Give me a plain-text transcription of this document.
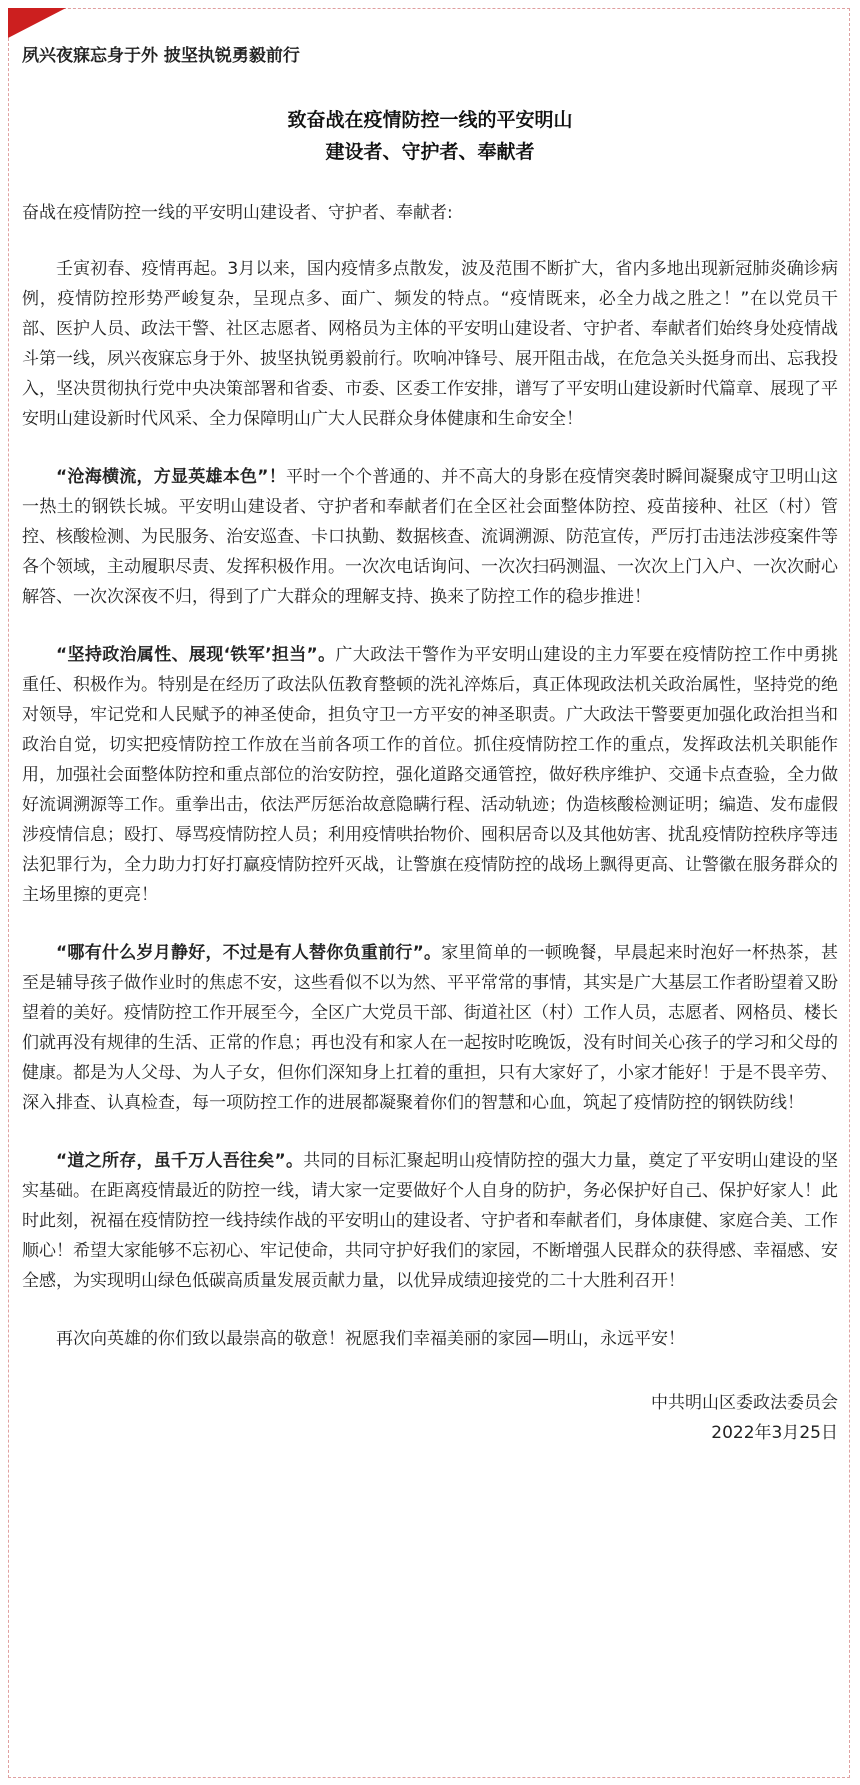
夙兴夜寐忘身于外 披坚执锐勇毅前行
致奋战在疫情防控一线的平安明山
建设者、守护者、奉献者
奋战在疫情防控一线的平安明山建设者、守护者、奉献者:

壬寅初春、疫情再起。3月以来，国内疫情多点散发，波及范围不断扩大，省内多地出现新冠肺炎确诊病例，疫情防控形势严峻复杂，呈现点多、面广、频发的特点。“疫情既来，必全力战之胜之！”在以党员干部、医护人员、政法干警、社区志愿者、网格员为主体的平安明山建设者、守护者、奉献者们始终身处疫情战斗第一线，夙兴夜寐忘身于外、披坚执锐勇毅前行。吹响冲锋号、展开阻击战，在危急关头挺身而出、忘我投入，坚决贯彻执行党中央决策部署和省委、市委、区委工作安排，谱写了平安明山建设新时代篇章、展现了平安明山建设新时代风采、全力保障明山广大人民群众身体健康和生命安全！

“沧海横流，方显英雄本色”！平时一个个普通的、并不高大的身影在疫情突袭时瞬间凝聚成守卫明山这一热土的钢铁长城。平安明山建设者、守护者和奉献者们在全区社会面整体防控、疫苗接种、社区（村）管控、核酸检测、为民服务、治安巡查、卡口执勤、数据核查、流调溯源、防范宣传，严厉打击违法涉疫案件等各个领域，主动履职尽责、发挥积极作用。一次次电话询问、一次次扫码测温、一次次上门入户、一次次耐心解答、一次次深夜不归，得到了广大群众的理解支持、换来了防控工作的稳步推进！

“坚持政治属性、展现‘铁军’担当”。广大政法干警作为平安明山建设的主力军要在疫情防控工作中勇挑重任、积极作为。特别是在经历了政法队伍教育整顿的洗礼淬炼后，真正体现政法机关政治属性，坚持党的绝对领导，牢记党和人民赋予的神圣使命，担负守卫一方平安的神圣职责。广大政法干警要更加强化政治担当和政治自觉，切实把疫情防控工作放在当前各项工作的首位。抓住疫情防控工作的重点，发挥政法机关职能作用，加强社会面整体防控和重点部位的治安防控，强化道路交通管控，做好秩序维护、交通卡点查验，全力做好流调溯源等工作。重拳出击，依法严厉惩治故意隐瞒行程、活动轨迹；伪造核酸检测证明；编造、发布虚假涉疫情信息；殴打、辱骂疫情防控人员；利用疫情哄抬物价、囤积居奇以及其他妨害、扰乱疫情防控秩序等违法犯罪行为，全力助力打好打赢疫情防控歼灭战，让警旗在疫情防控的战场上飘得更高、让警徽在服务群众的主场里擦的更亮！

“哪有什么岁月静好，不过是有人替你负重前行”。家里简单的一顿晚餐，早晨起来时泡好一杯热茶，甚至是辅导孩子做作业时的焦虑不安，这些看似不以为然、平平常常的事情，其实是广大基层工作者盼望着又盼望着的美好。疫情防控工作开展至今，全区广大党员干部、街道社区（村）工作人员，志愿者、网格员、楼长们就再没有规律的生活、正常的作息；再也没有和家人在一起按时吃晚饭，没有时间关心孩子的学习和父母的健康。都是为人父母、为人子女，但你们深知身上扛着的重担，只有大家好了，小家才能好！于是不畏辛劳、深入排查、认真检查，每一项防控工作的进展都凝聚着你们的智慧和心血，筑起了疫情防控的钢铁防线！

“道之所存，虽千万人吾往矣”。共同的目标汇聚起明山疫情防控的强大力量，奠定了平安明山建设的坚实基础。在距离疫情最近的防控一线，请大家一定要做好个人自身的防护，务必保护好自己、保护好家人！此时此刻，祝福在疫情防控一线持续作战的平安明山的建设者、守护者和奉献者们，身体康健、家庭合美、工作顺心！希望大家能够不忘初心、牢记使命，共同守护好我们的家园，不断增强人民群众的获得感、幸福感、安全感，为实现明山绿色低碳高质量发展贡献力量，以优异成绩迎接党的二十大胜利召开！

再次向英雄的你们致以最崇高的敬意！祝愿我们幸福美丽的家园—明山，永远平安！

中共明山区委政法委员会
2022年3月25日
